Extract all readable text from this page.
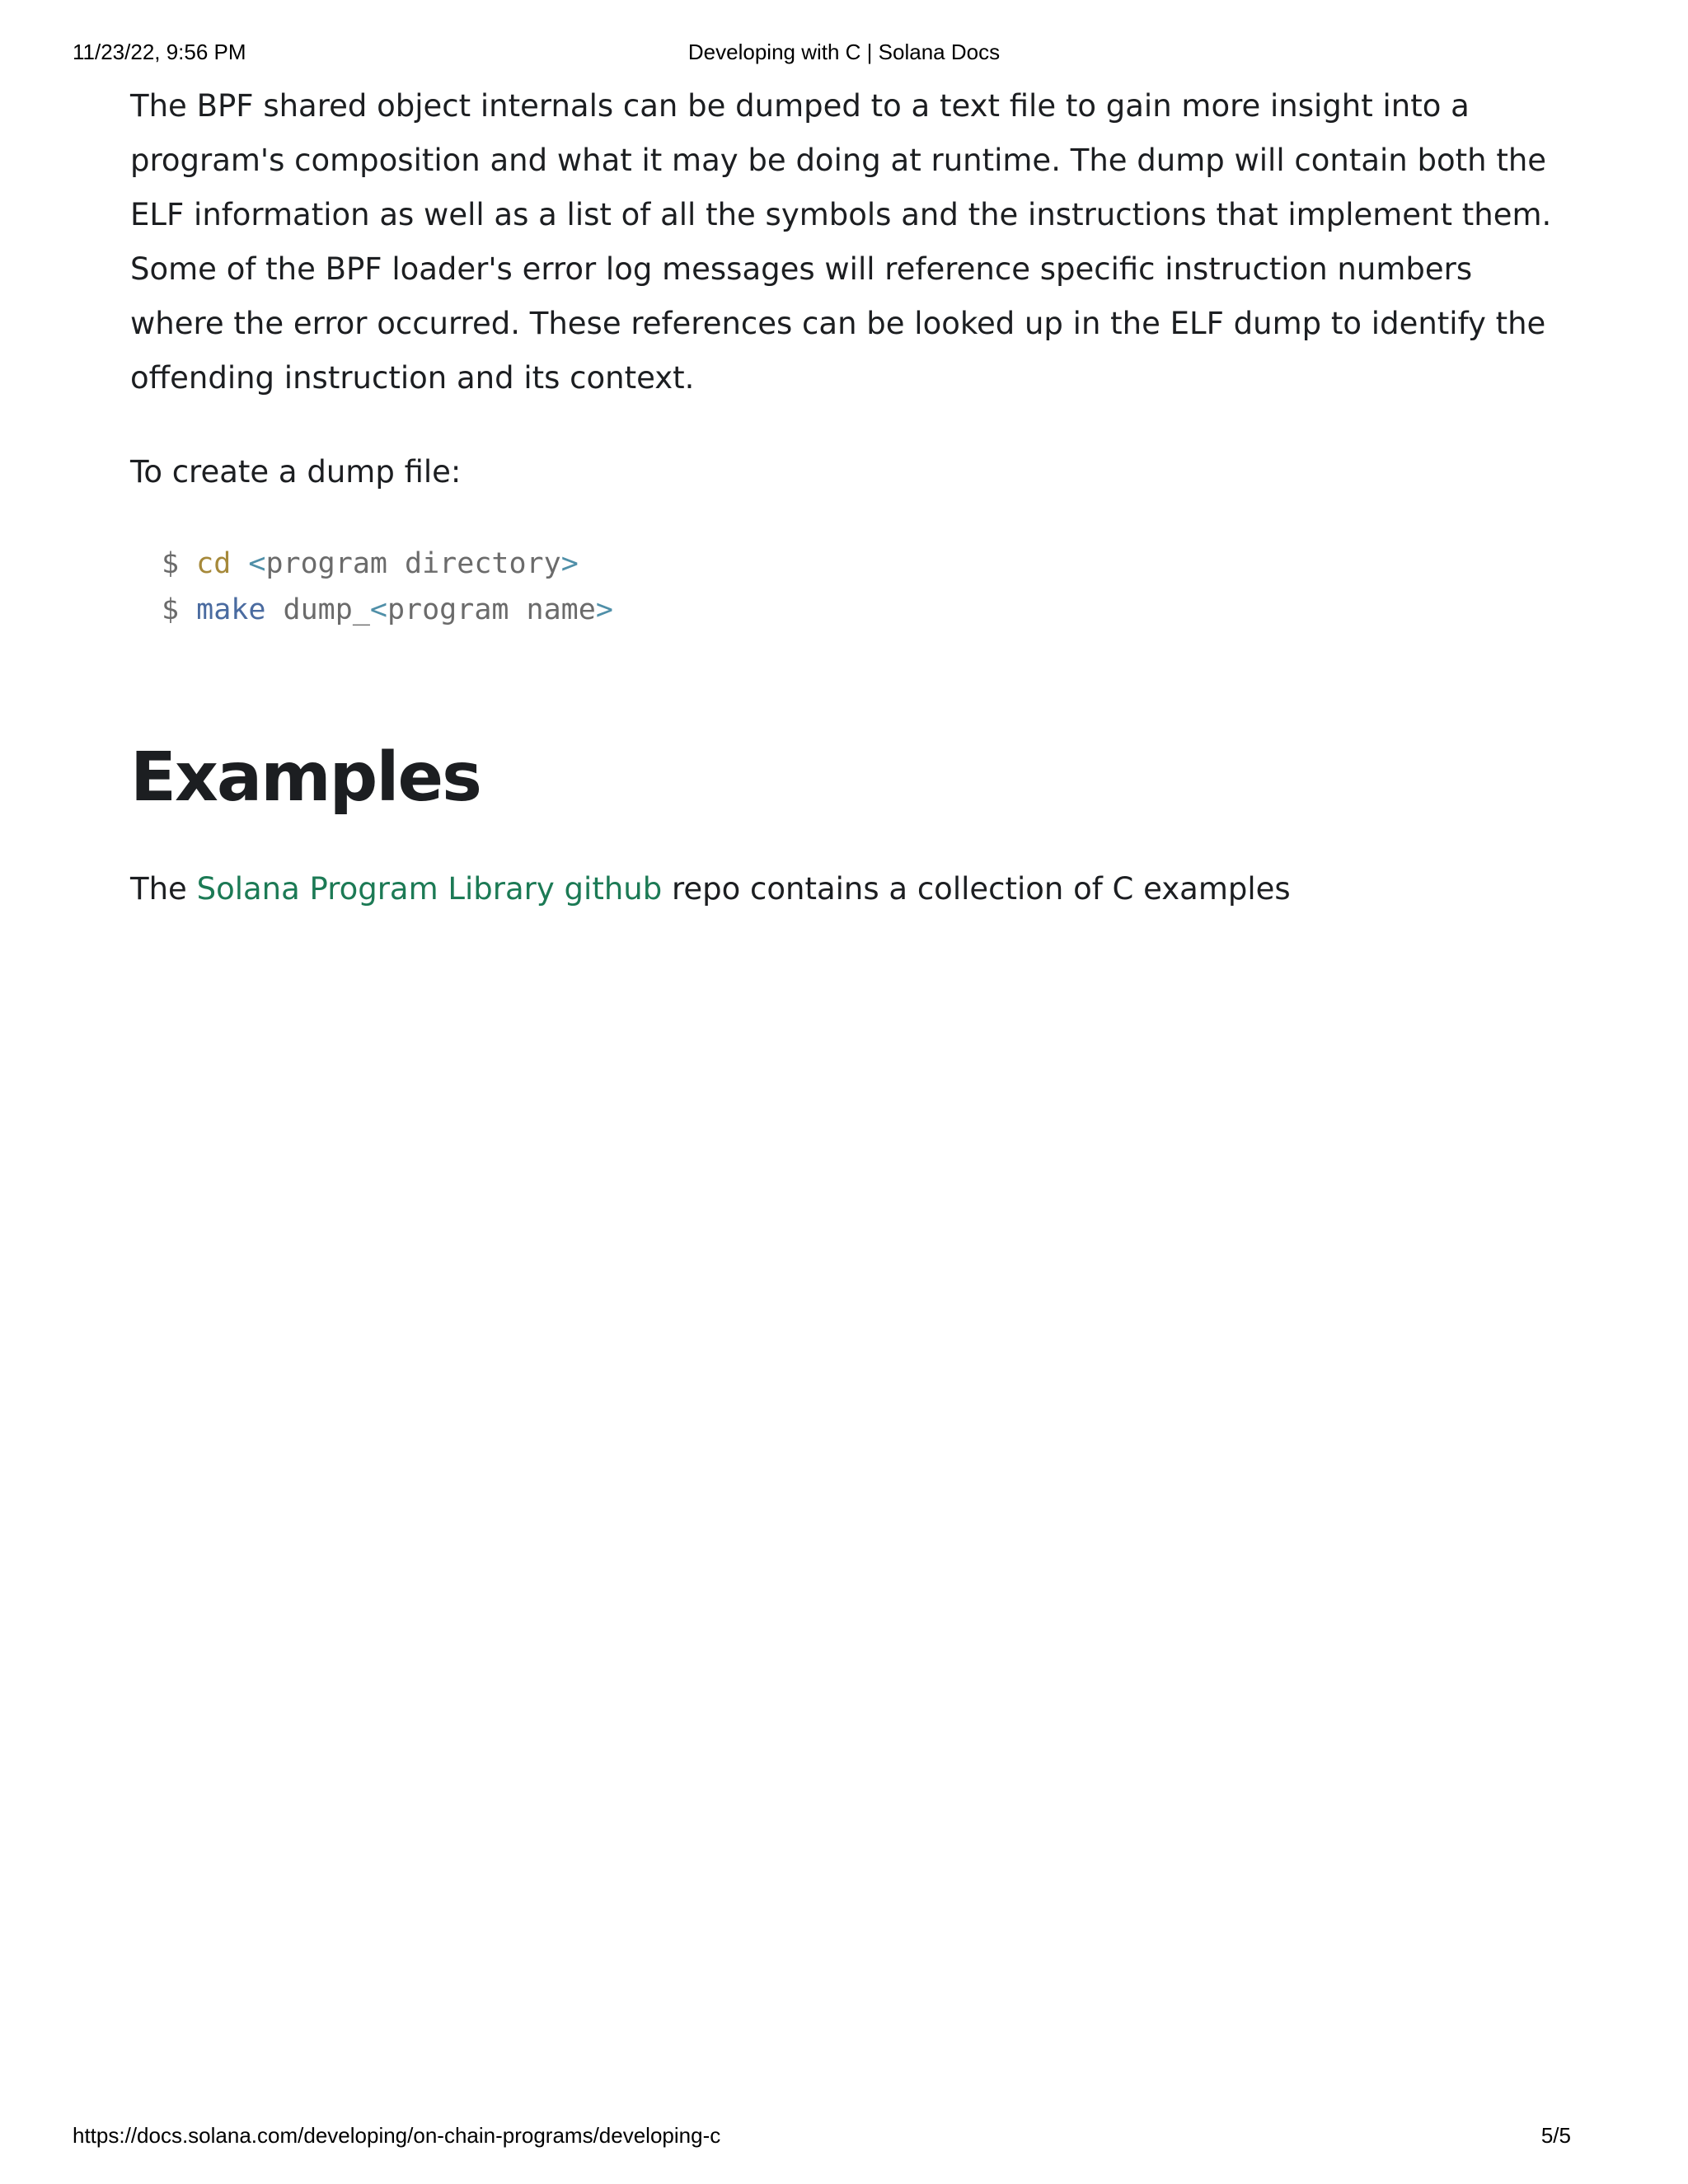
11/23/22, 9:56 PM	Developing with C | Solana Docs

The BPF shared object internals can be dumped to a text file to gain more insight into a program's composition and what it may be doing at runtime. The dump will contain both the ELF information as well as a list of all the symbols and the instructions that implement them. Some of the BPF loader's error log messages will reference specific instruction numbers where the error occurred. These references can be looked up in the ELF dump to identify the offending instruction and its context.

To create a dump file:

$ cd <program directory>
$ make dump_<program name>
Examples

The Solana Program Library github repo contains a collection of C examples

https://docs.solana.com/developing/on-chain-programs/developing-c	5/5
